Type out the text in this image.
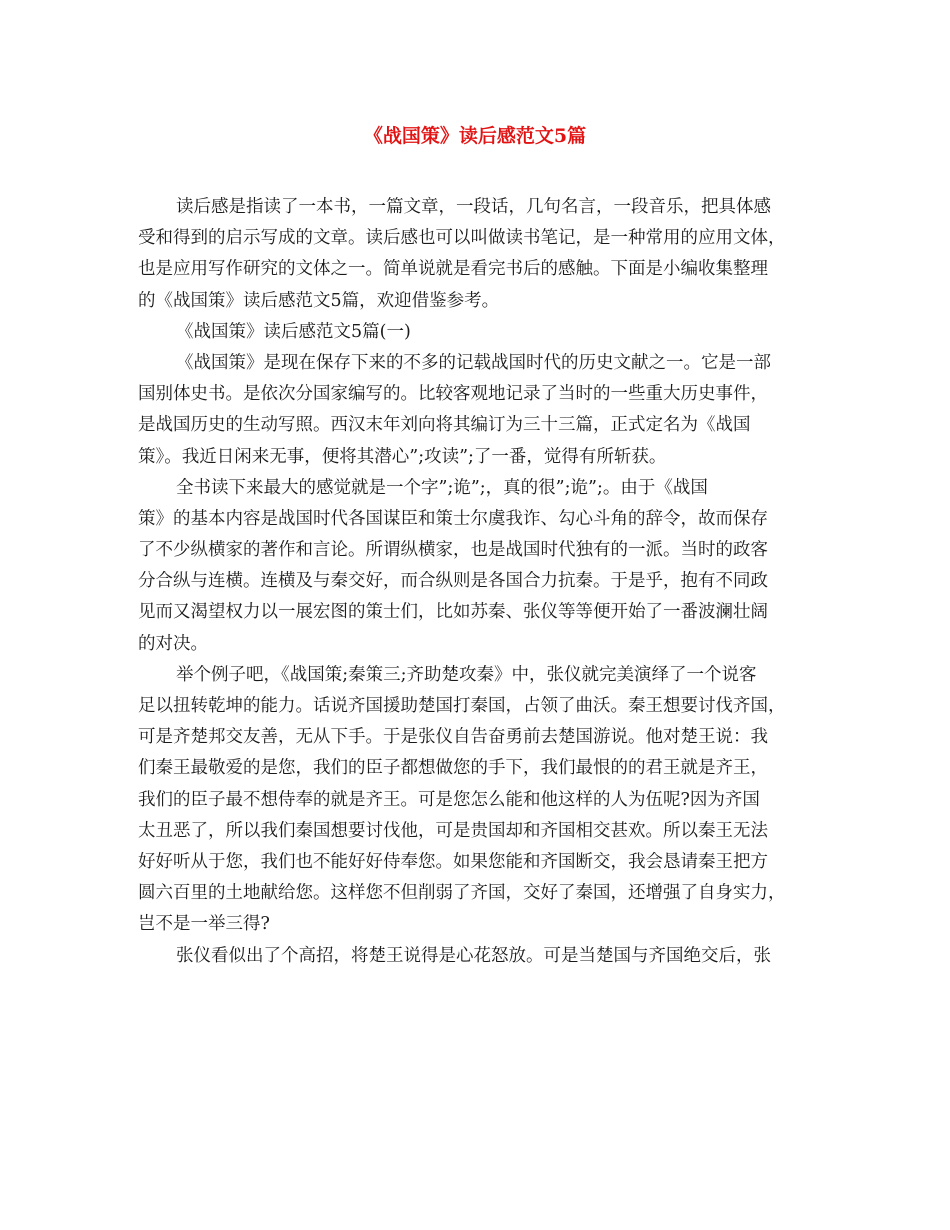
《战国策》读后感范文5篇
读后感是指读了一本书，一篇文章，一段话，几句名言，一段音乐，把具体感
受和得到的启示写成的文章。读后感也可以叫做读书笔记，是一种常用的应用文体，
也是应用写作研究的文体之一。简单说就是看完书后的感触。下面是小编收集整理
的《战国策》读后感范文5篇，欢迎借鉴参考。
《战国策》读后感范文5篇(一)
《战国策》是现在保存下来的不多的记载战国时代的历史文献之一。它是一部
国别体史书。是依次分国家编写的。比较客观地记录了当时的一些重大历史事件，
是战国历史的生动写照。西汉末年刘向将其编订为三十三篇，正式定名为《战国
策》。我近日闲来无事，便将其潜心”;攻读”;了一番，觉得有所斩获。
全书读下来最大的感觉就是一个字”;诡”;，真的很”;诡”;。由于《战国
策》的基本内容是战国时代各国谋臣和策士尔虞我诈、勾心斗角的辞令，故而保存
了不少纵横家的著作和言论。所谓纵横家，也是战国时代独有的一派。当时的政客
分合纵与连横。连横及与秦交好，而合纵则是各国合力抗秦。于是乎，抱有不同政
见而又渴望权力以一展宏图的策士们，比如苏秦、张仪等等便开始了一番波澜壮阔
的对决。
举个例子吧，《战国策;秦策三;齐助楚攻秦》中，张仪就完美演绎了一个说客
足以扭转乾坤的能力。话说齐国援助楚国打秦国，占领了曲沃。秦王想要讨伐齐国，
可是齐楚邦交友善，无从下手。于是张仪自告奋勇前去楚国游说。他对楚王说：我
们秦王最敬爱的是您，我们的臣子都想做您的手下，我们最恨的的君王就是齐王，
我们的臣子最不想侍奉的就是齐王。可是您怎么能和他这样的人为伍呢?因为齐国
太丑恶了，所以我们秦国想要讨伐他，可是贵国却和齐国相交甚欢。所以秦王无法
好好听从于您，我们也不能好好侍奉您。如果您能和齐国断交，我会恳请秦王把方
圆六百里的土地献给您。这样您不但削弱了齐国，交好了秦国，还增强了自身实力，
岂不是一举三得?
张仪看似出了个高招，将楚王说得是心花怒放。可是当楚国与齐国绝交后，张
